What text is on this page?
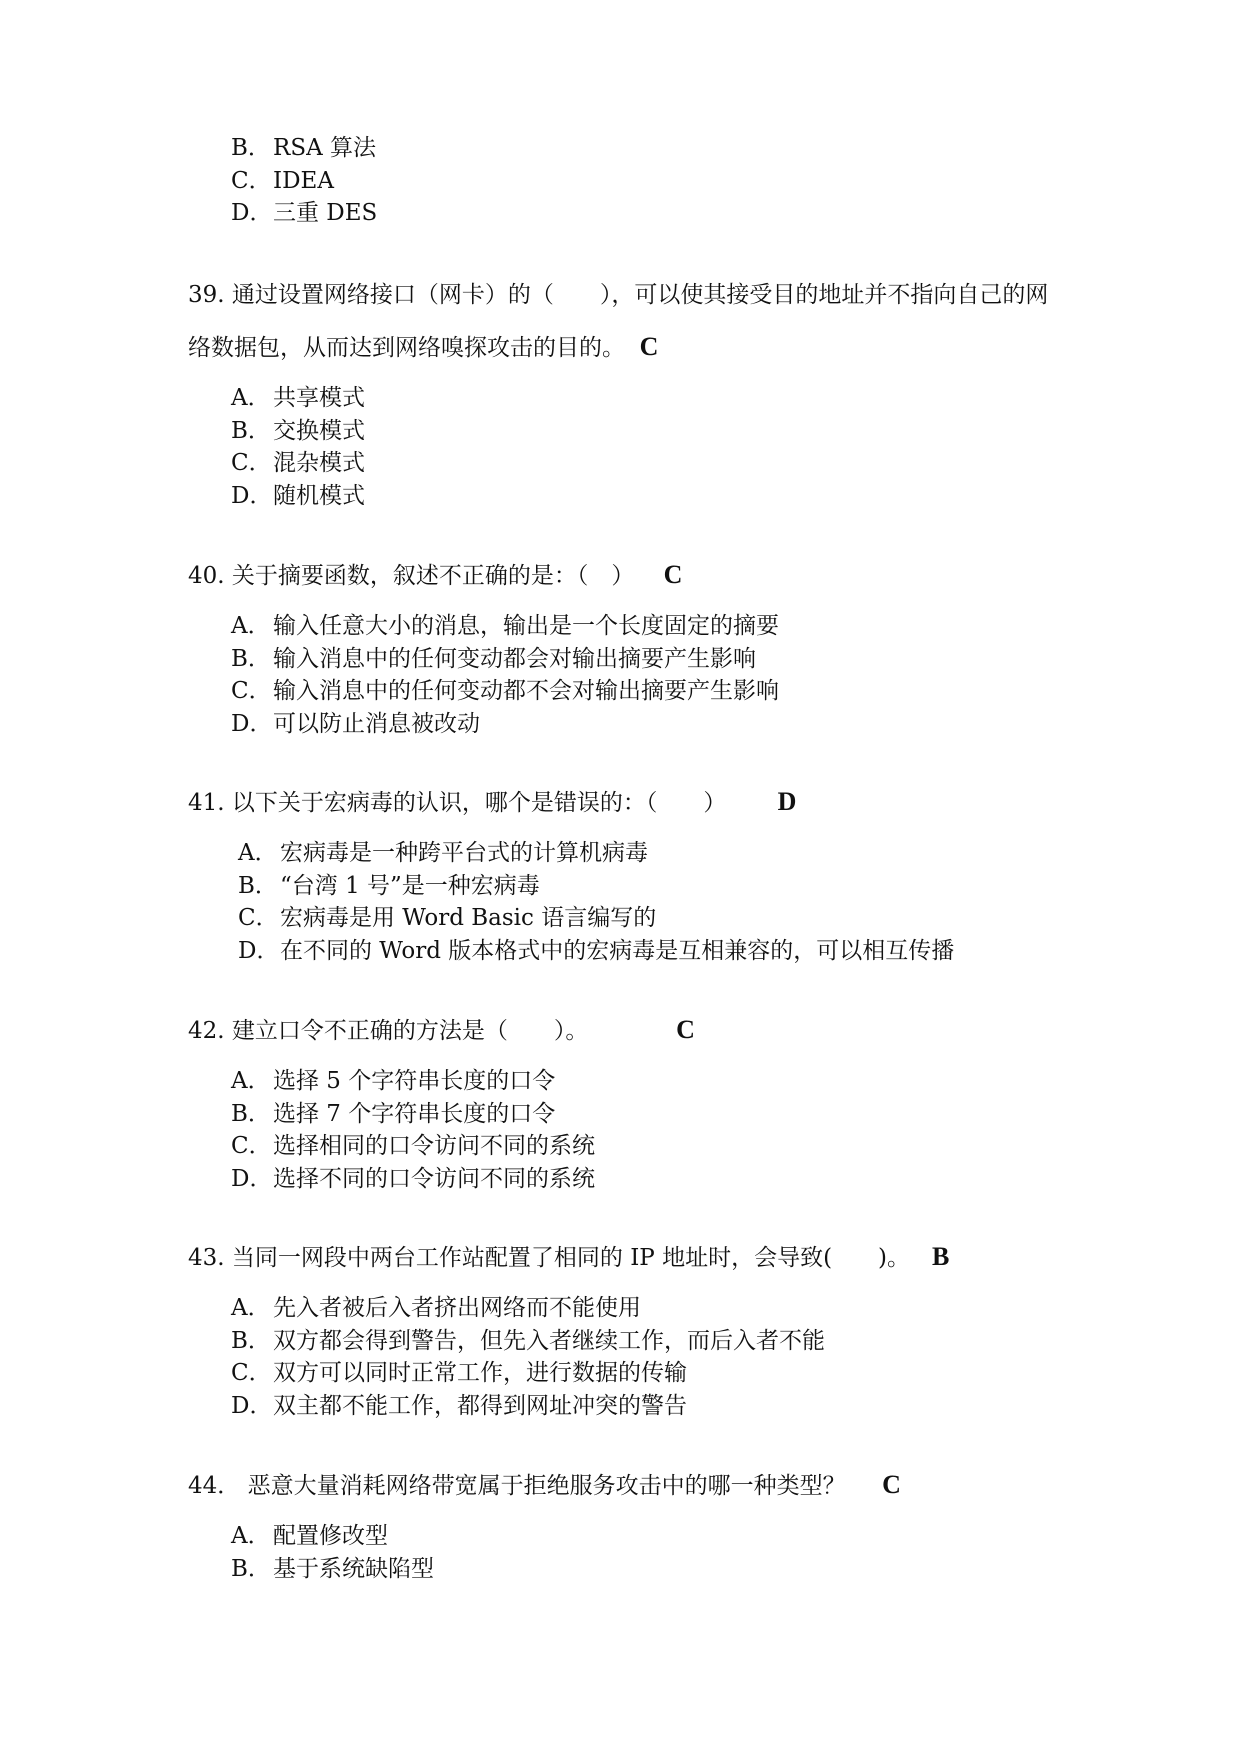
B．RSA 算法
C．IDEA
D．三重 DES
39. 通过设置网络接口（网卡）的（　　），可以使其接受目的地址并不指向自己的网络数据包，从而达到网络嗅探攻击的目的。 C
A． 共享模式
B．交换模式
C．混杂模式
D．随机模式
40. 关于摘要函数，叙述不正确的是：（　） C
A． 输入任意大小的消息，输出是一个长度固定的摘要
B．输入消息中的任何变动都会对输出摘要产生影响
C．输入消息中的任何变动都不会对输出摘要产生影响
D．可以防止消息被改动
41. 以下关于宏病毒的认识，哪个是错误的：（　　） D
A． 宏病毒是一种跨平台式的计算机病毒
B．“台湾 1 号”是一种宏病毒
C．宏病毒是用 Word Basic 语言编写的
D．在不同的 Word 版本格式中的宏病毒是互相兼容的，可以相互传播
42. 建立口令不正确的方法是（　　）。	C
A． 选择 5 个字符串长度的口令
B．选择 7 个字符串长度的口令
C．选择相同的口令访问不同的系统
D．选择不同的口令访问不同的系统
43. 当同一网段中两台工作站配置了相同的 IP 地址时，会导致(　　)。 B
A． 先入者被后入者挤出网络而不能使用
B．双方都会得到警告，但先入者继续工作，而后入者不能
C．双方可以同时正常工作，进行数据的传输
D．双主都不能工作，都得到网址冲突的警告
44． 恶意大量消耗网络带宽属于拒绝服务攻击中的哪一种类型？ C
A． 配置修改型
B．基于系统缺陷型
